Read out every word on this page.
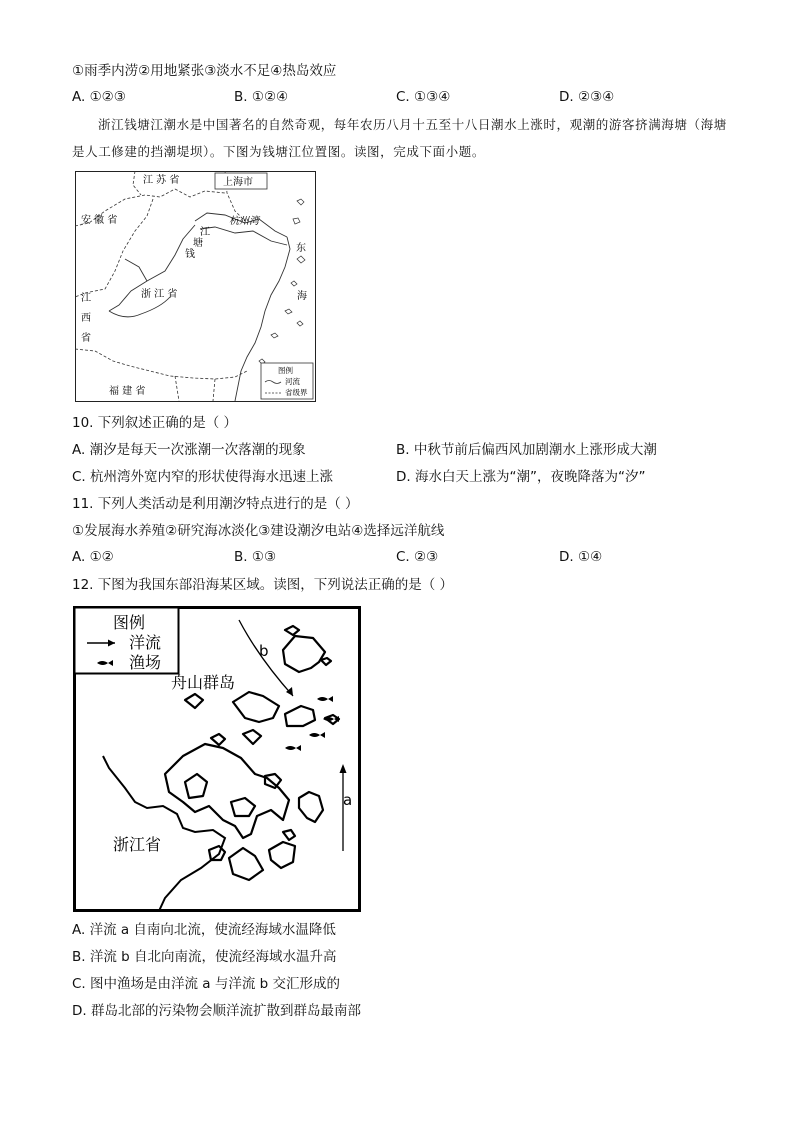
①雨季内涝②用地紧张③淡水不足④热岛效应
A. ①②③	B. ①②④	C. ①③④	D. ②③④
浙江钱塘江潮水是中国著名的自然奇观，每年农历八月十五至十八日潮水上涨时，观潮的游客挤满海塘（海塘是人工修建的挡潮堤坝）。下图为钱塘江位置图。读图，完成下面小题。
江 苏 省	上海市
安 徽 省	杭州湾
江
塘
钱
东
海
江
西
省
浙 江 省
福 建 省
图例
河流
省级界
10. 下列叙述正确的是（ ）
A. 潮汐是每天一次涨潮一次落潮的现象	B. 中秋节前后偏西风加剧潮水上涨形成大潮
C. 杭州湾外宽内窄的形状使得海水迅速上涨	D. 海水白天上涨为“潮”，夜晚降落为“汐”
11. 下列人类活动是利用潮汐特点进行的是（ ）
①发展海水养殖②研究海冰淡化③建设潮汐电站④选择远洋航线
A. ①②	B. ①③	C. ②③	D. ①④
12. 下图为我国东部沿海某区域。读图，下列说法正确的是（ ）
图例
洋流
渔场
b
a
舟山群岛
浙江省
A. 洋流 a 自南向北流，使流经海域水温降低
B. 洋流 b 自北向南流，使流经海域水温升高
C. 图中渔场是由洋流 a 与洋流 b 交汇形成的
D. 群岛北部的污染物会顺洋流扩散到群岛最南部
